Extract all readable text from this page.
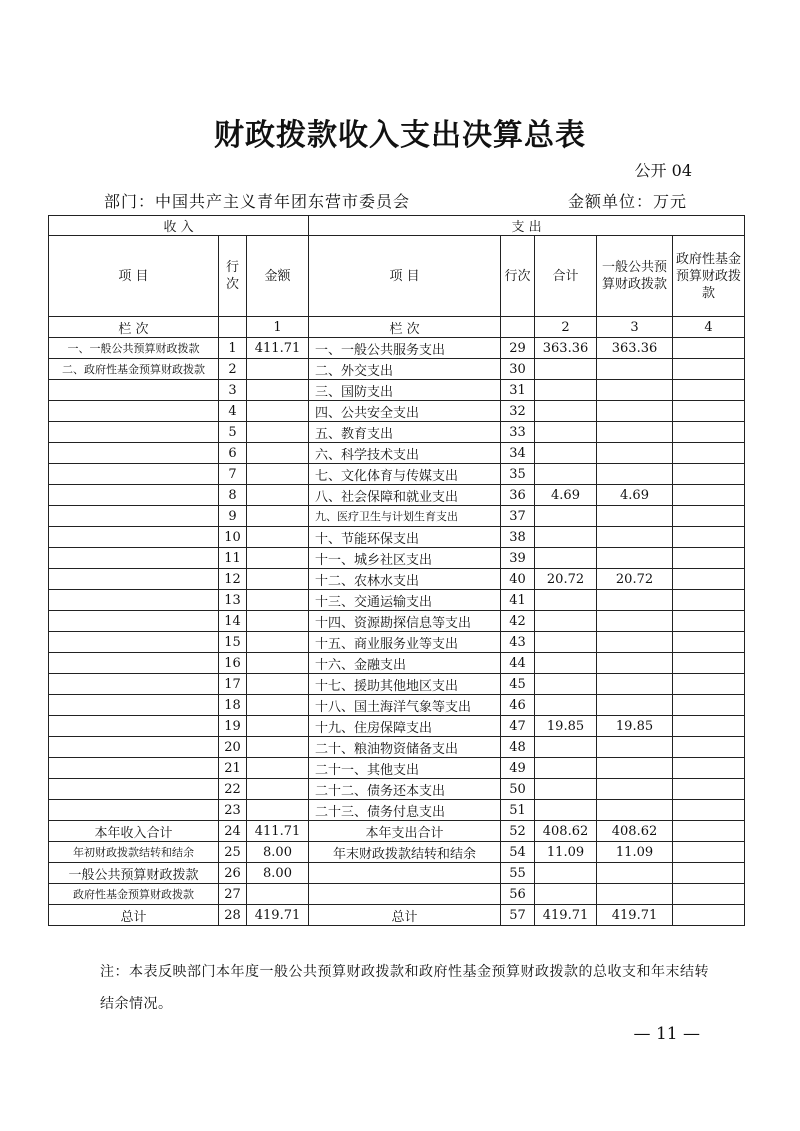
财政拨款收入支出决算总表
公开 04
部门：中国共产主义青年团东营市委员会	金额单位：万元
收 入			支 出				
项 目	行次	金额	项 目	行次	合计	一般公共预算财政拨款	政府性基金预算财政拨款
栏 次		1	栏 次		2	3	4
一、一般公共预算财政拨款	1	411.71	一、一般公共服务支出	29	363.36	363.36	
二、政府性基金预算财政拨款	2		二、外交支出	30			
	3		三、国防支出	31			
	4		四、公共安全支出	32			
	5		五、教育支出	33			
	6		六、科学技术支出	34			
	7		七、文化体育与传媒支出	35			
	8		八、社会保障和就业支出	36	4.69	4.69	
	9		九、医疗卫生与计划生育支出	37			
	10		十、节能环保支出	38			
	11		十一、城乡社区支出	39			
	12		十二、农林水支出	40	20.72	20.72	
	13		十三、交通运输支出	41			
	14		十四、资源勘探信息等支出	42			
	15		十五、商业服务业等支出	43			
	16		十六、金融支出	44			
	17		十七、援助其他地区支出	45			
	18		十八、国土海洋气象等支出	46			
	19		十九、住房保障支出	47	19.85	19.85	
	20		二十、粮油物资储备支出	48			
	21		二十一、其他支出	49			
	22		二十二、债务还本支出	50			
	23		二十三、债务付息支出	51			
本年收入合计	24	411.71	本年支出合计	52	408.62	408.62	
年初财政拨款结转和结余	25	8.00	年末财政拨款结转和结余	54	11.09	11.09	
一般公共预算财政拨款	26	8.00		55			
政府性基金预算财政拨款	27			56			
总计	28	419.71	总计	57	419.71	419.71	
注：本表反映部门本年度一般公共预算财政拨款和政府性基金预算财政拨款的总收支和年末结转结余情况。
— 11 —
